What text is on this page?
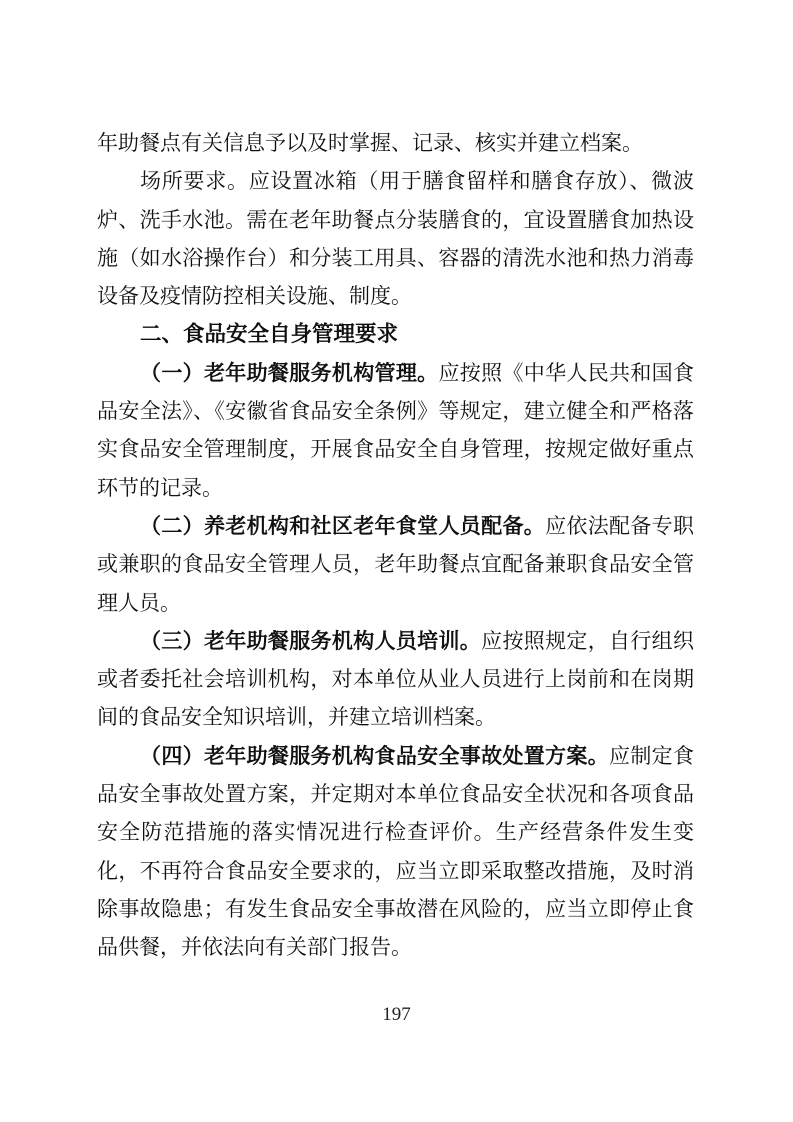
年助餐点有关信息予以及时掌握、记录、核实并建立档案。

场所要求。应设置冰箱（用于膳食留样和膳食存放）、微波炉、洗手水池。需在老年助餐点分装膳食的，宜设置膳食加热设施（如水浴操作台）和分装工用具、容器的清洗水池和热力消毒设备及疫情防控相关设施、制度。

二、食品安全自身管理要求

（一）老年助餐服务机构管理。应按照《中华人民共和国食品安全法》、《安徽省食品安全条例》等规定，建立健全和严格落实食品安全管理制度，开展食品安全自身管理，按规定做好重点环节的记录。

（二）养老机构和社区老年食堂人员配备。应依法配备专职或兼职的食品安全管理人员，老年助餐点宜配备兼职食品安全管理人员。

（三）老年助餐服务机构人员培训。应按照规定，自行组织或者委托社会培训机构，对本单位从业人员进行上岗前和在岗期间的食品安全知识培训，并建立培训档案。

（四）老年助餐服务机构食品安全事故处置方案。应制定食品安全事故处置方案，并定期对本单位食品安全状况和各项食品安全防范措施的落实情况进行检查评价。生产经营条件发生变化，不再符合食品安全要求的，应当立即采取整改措施，及时消除事故隐患；有发生食品安全事故潜在风险的，应当立即停止食品供餐，并依法向有关部门报告。

197
